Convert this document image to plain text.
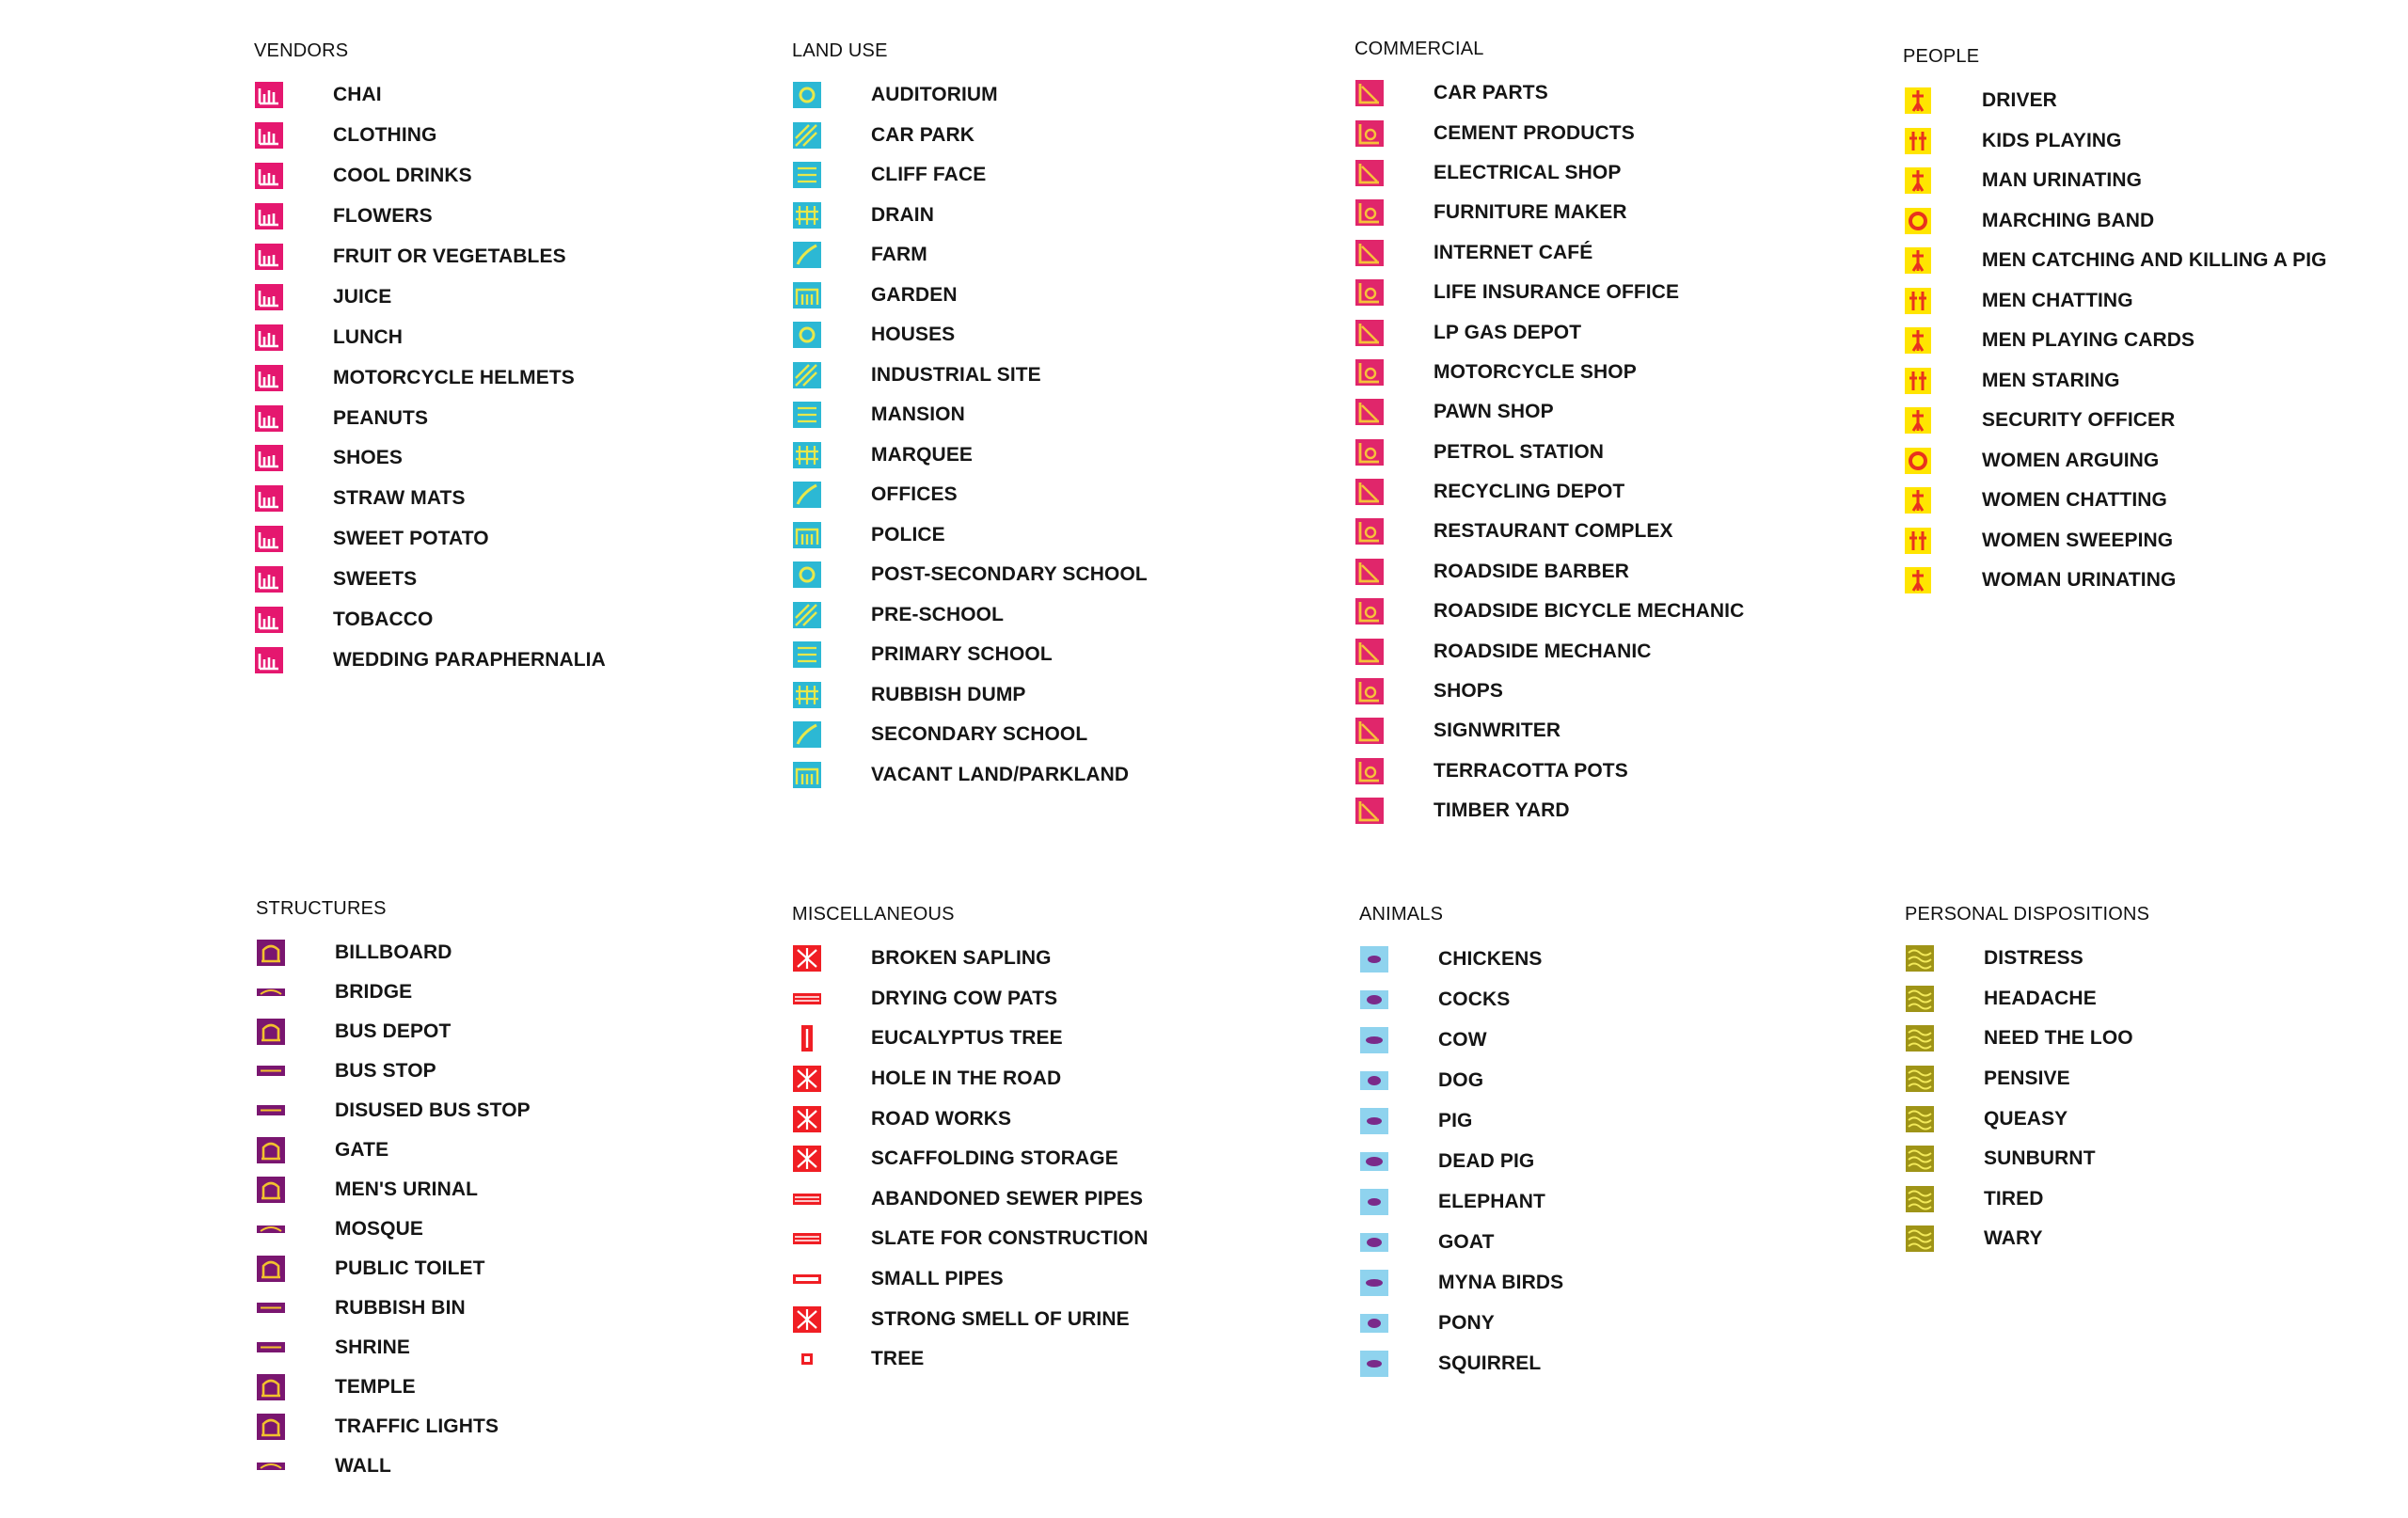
VENDORS
CHAI
CLOTHING
COOL DRINKS
FLOWERS
FRUIT OR VEGETABLES
JUICE
LUNCH
MOTORCYCLE HELMETS
PEANUTS
SHOES
STRAW MATS
SWEET POTATO
SWEETS
TOBACCO
WEDDING PARAPHERNALIA
LAND USE
AUDITORIUM
CAR PARK
CLIFF FACE
DRAIN
FARM
GARDEN
HOUSES
INDUSTRIAL SITE
MANSION
MARQUEE
OFFICES
POLICE
POST-SECONDARY SCHOOL
PRE-SCHOOL
PRIMARY SCHOOL
RUBBISH DUMP
SECONDARY SCHOOL
VACANT LAND/PARKLAND
COMMERCIAL
CAR PARTS
CEMENT PRODUCTS
ELECTRICAL SHOP
FURNITURE MAKER
INTERNET CAFÉ
LIFE INSURANCE OFFICE
LP GAS DEPOT
MOTORCYCLE SHOP
PAWN SHOP
PETROL STATION
RECYCLING DEPOT
RESTAURANT COMPLEX
ROADSIDE BARBER
ROADSIDE BICYCLE MECHANIC
ROADSIDE MECHANIC
SHOPS
SIGNWRITER
TERRACOTTA POTS
TIMBER YARD
PEOPLE
DRIVER
KIDS PLAYING
MAN URINATING
MARCHING BAND
MEN CATCHING AND KILLING A PIG
MEN CHATTING
MEN PLAYING CARDS
MEN STARING
SECURITY OFFICER
WOMEN ARGUING
WOMEN CHATTING
WOMEN SWEEPING
WOMAN URINATING
STRUCTURES
BILLBOARD
BRIDGE
BUS DEPOT
BUS STOP
DISUSED BUS STOP
GATE
MEN'S URINAL
MOSQUE
PUBLIC TOILET
RUBBISH BIN
SHRINE
TEMPLE
TRAFFIC LIGHTS
WALL
MISCELLANEOUS
BROKEN SAPLING
DRYING COW PATS
EUCALYPTUS TREE
HOLE IN THE ROAD
ROAD WORKS
SCAFFOLDING STORAGE
ABANDONED SEWER PIPES
SLATE FOR CONSTRUCTION
SMALL PIPES
STRONG SMELL OF URINE
TREE
ANIMALS
CHICKENS
COCKS
COW
DOG
PIG
DEAD PIG
ELEPHANT
GOAT
MYNA BIRDS
PONY
SQUIRREL
PERSONAL DISPOSITIONS
DISTRESS
HEADACHE
NEED THE LOO
PENSIVE
QUEASY
SUNBURNT
TIRED
WARY
